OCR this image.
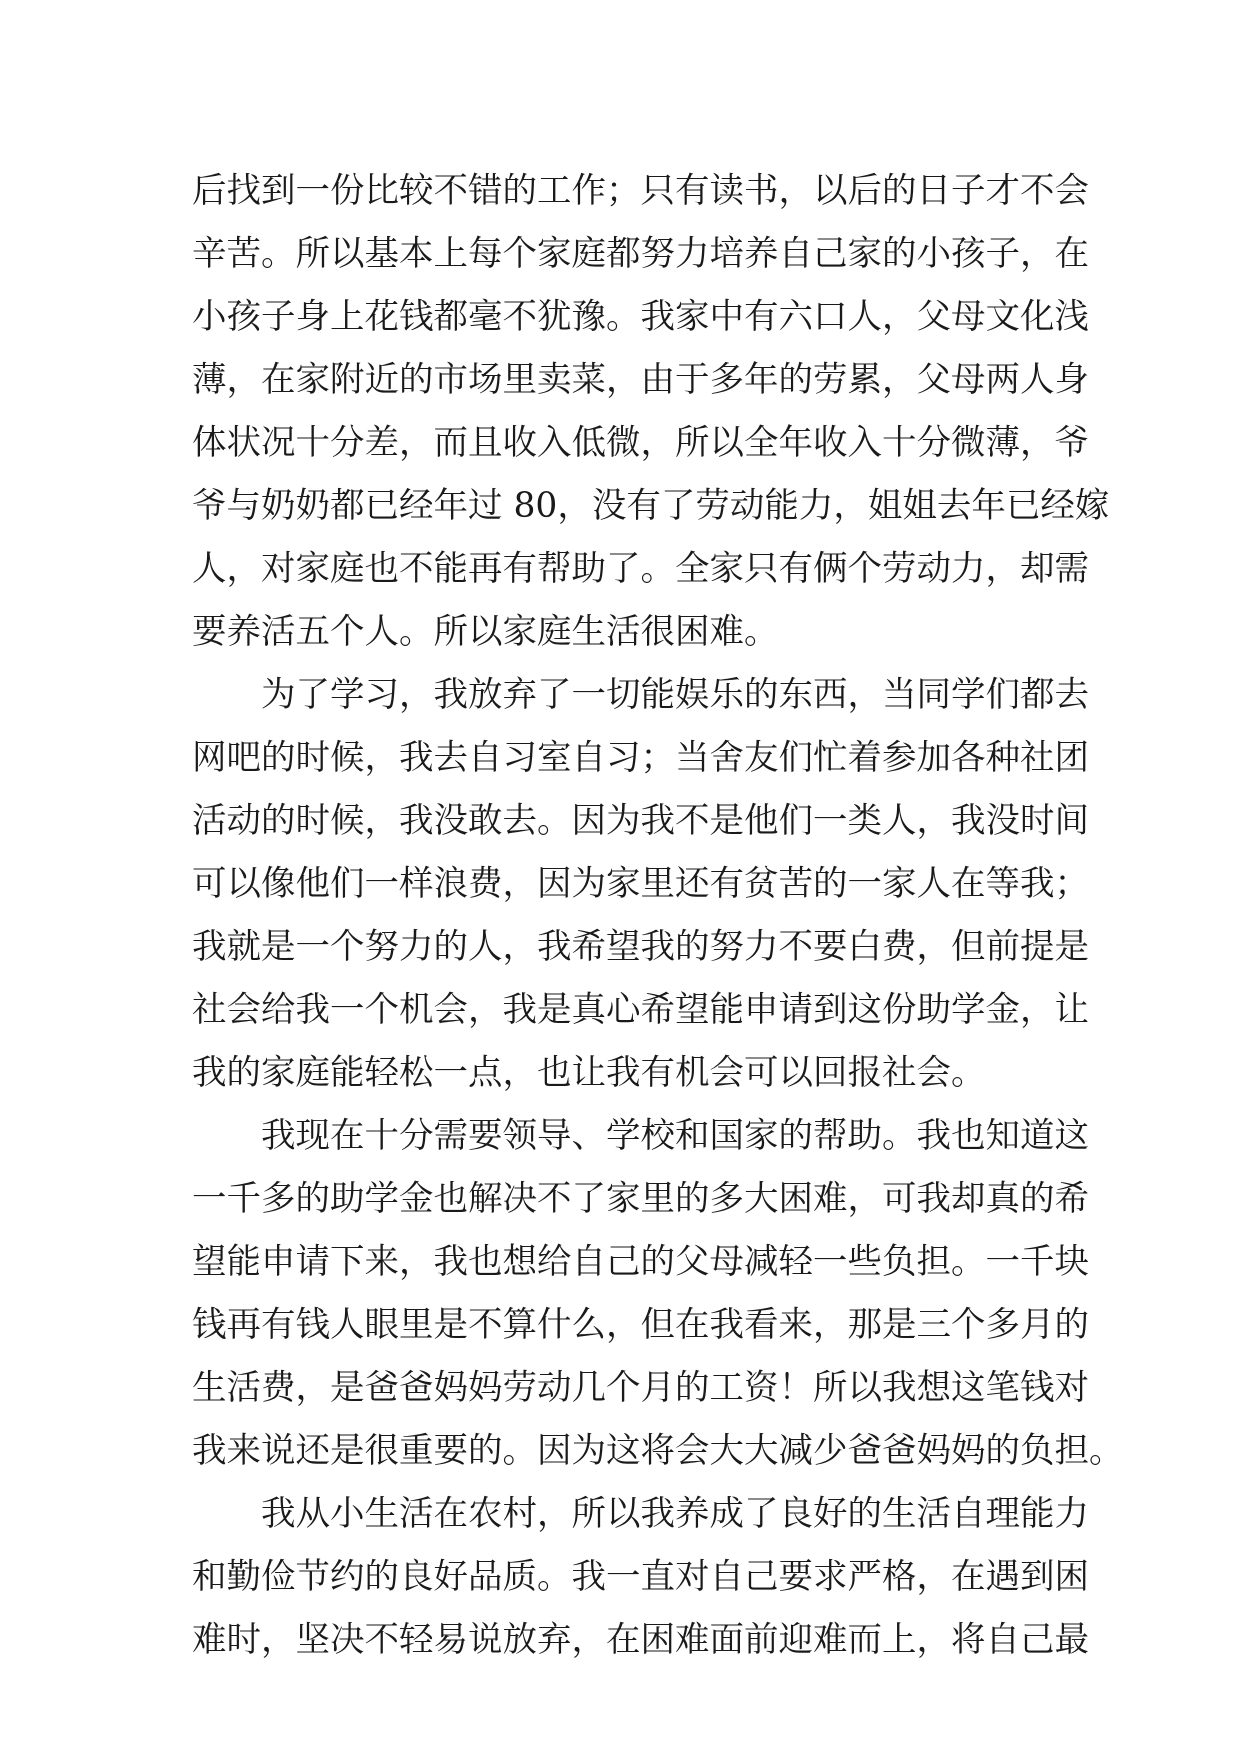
后找到一份比较不错的工作；只有读书，以后的日子才不会
辛苦。所以基本上每个家庭都努力培养自己家的小孩子，在
小孩子身上花钱都毫不犹豫。我家中有六口人，父母文化浅
薄，在家附近的市场里卖菜，由于多年的劳累，父母两人身
体状况十分差，而且收入低微，所以全年收入十分微薄，爷
爷与奶奶都已经年过 80，没有了劳动能力，姐姐去年已经嫁
人，对家庭也不能再有帮助了。全家只有俩个劳动力，却需
要养活五个人。所以家庭生活很困难。
为了学习，我放弃了一切能娱乐的东西，当同学们都去
网吧的时候，我去自习室自习；当舍友们忙着参加各种社团
活动的时候，我没敢去。因为我不是他们一类人，我没时间
可以像他们一样浪费，因为家里还有贫苦的一家人在等我；
我就是一个努力的人，我希望我的努力不要白费，但前提是
社会给我一个机会，我是真心希望能申请到这份助学金，让
我的家庭能轻松一点，也让我有机会可以回报社会。
我现在十分需要领导、学校和国家的帮助。我也知道这
一千多的助学金也解决不了家里的多大困难，可我却真的希
望能申请下来，我也想给自己的父母减轻一些负担。一千块
钱再有钱人眼里是不算什么，但在我看来，那是三个多月的
生活费，是爸爸妈妈劳动几个月的工资！所以我想这笔钱对
我来说还是很重要的。因为这将会大大减少爸爸妈妈的负担。
我从小生活在农村，所以我养成了良好的生活自理能力
和勤俭节约的良好品质。我一直对自己要求严格，在遇到困
难时，坚决不轻易说放弃，在困难面前迎难而上，将自己最
